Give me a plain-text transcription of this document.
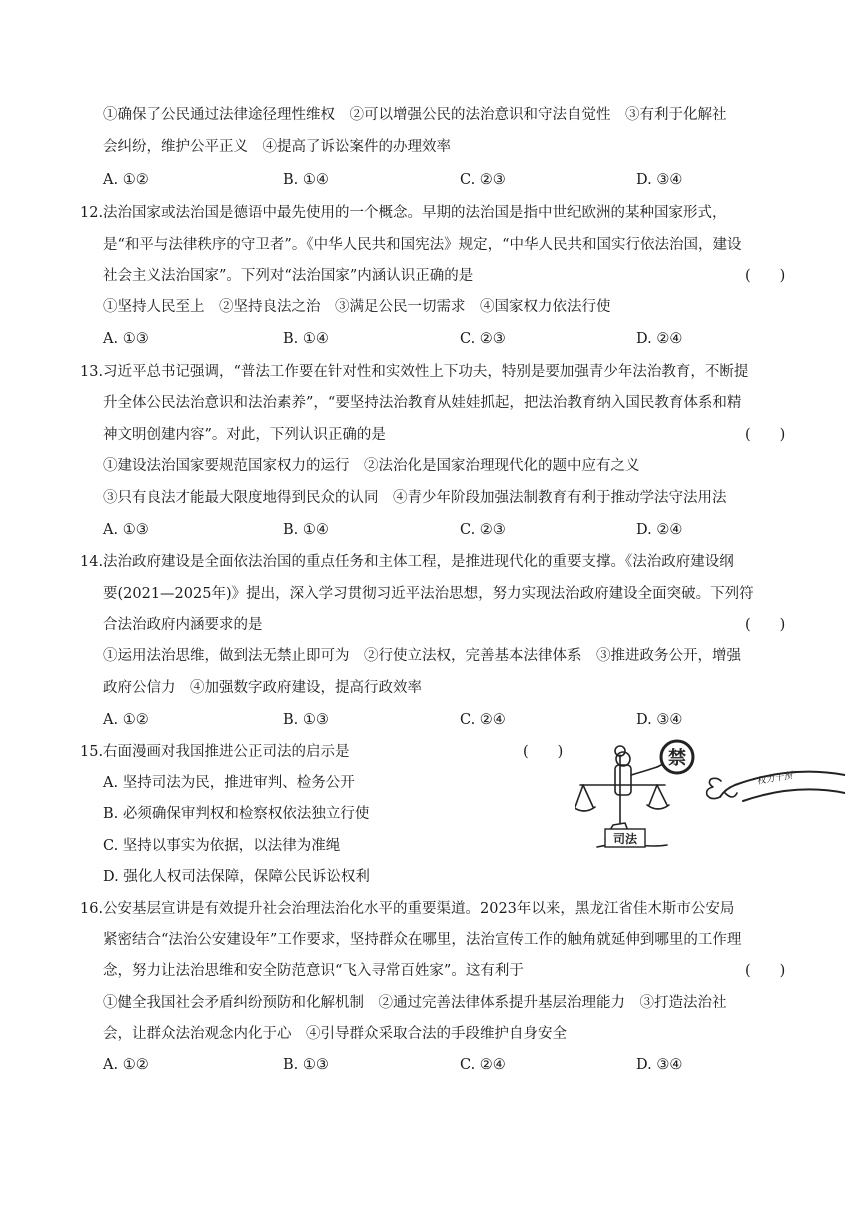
①确保了公民通过法律途径理性维权　②可以增强公民的法治意识和守法自觉性　③有利于化解社
会纠纷，维护公平正义　④提高了诉讼案件的办理效率
A. ①②	B. ①④	C. ②③	D. ③④
12. 法治国家或法治国是德语中最先使用的一个概念。早期的法治国是指中世纪欧洲的某种国家形式，
是“和平与法律秩序的守卫者”。《中华人民共和国宪法》规定，“中华人民共和国实行依法治国，建设
社会主义法治国家”。下列对“法治国家”内涵认识正确的是	(　　)
①坚持人民至上　②坚持良法之治　③满足公民一切需求　④国家权力依法行使
A. ①③	B. ①④	C. ②③	D. ②④
13. 习近平总书记强调，“普法工作要在针对性和实效性上下功夫，特别是要加强青少年法治教育，不断提
升全体公民法治意识和法治素养”，“要坚持法治教育从娃娃抓起，把法治教育纳入国民教育体系和精
神文明创建内容”。对此，下列认识正确的是	(　　)
①建设法治国家要规范国家权力的运行　②法治化是国家治理现代化的题中应有之义
③只有良法才能最大限度地得到民众的认同　④青少年阶段加强法制教育有利于推动学法守法用法
A. ①③	B. ①④	C. ②③	D. ②④
14. 法治政府建设是全面依法治国的重点任务和主体工程，是推进现代化的重要支撑。《法治政府建设纲
要(2021—2025年)》提出，深入学习贯彻习近平法治思想，努力实现法治政府建设全面突破。下列符
合法治政府内涵要求的是	(　　)
①运用法治思维，做到法无禁止即可为　②行使立法权，完善基本法律体系　③推进政务公开，增强
政府公信力　④加强数字政府建设，提高行政效率
A. ①②	B. ①③	C. ②④	D. ③④
15. 右面漫画对我国推进公正司法的启示是	(　　)
A. 坚持司法为民，推进审判、检务公开
B. 必须确保审判权和检察权依法独立行使
C. 坚持以事实为依据，以法律为准绳
D. 强化人权司法保障，保障公民诉讼权利
禁
“权力干预”
司法
16. 公安基层宣讲是有效提升社会治理法治化水平的重要渠道。2023年以来，黑龙江省佳木斯市公安局
紧密结合“法治公安建设年”工作要求，坚持群众在哪里，法治宣传工作的触角就延伸到哪里的工作理
念，努力让法治思维和安全防范意识“飞入寻常百姓家”。这有利于	(　　)
①健全我国社会矛盾纠纷预防和化解机制　②通过完善法律体系提升基层治理能力　③打造法治社
会，让群众法治观念内化于心　④引导群众采取合法的手段维护自身安全
A. ①②	B. ①③	C. ②④	D. ③④
